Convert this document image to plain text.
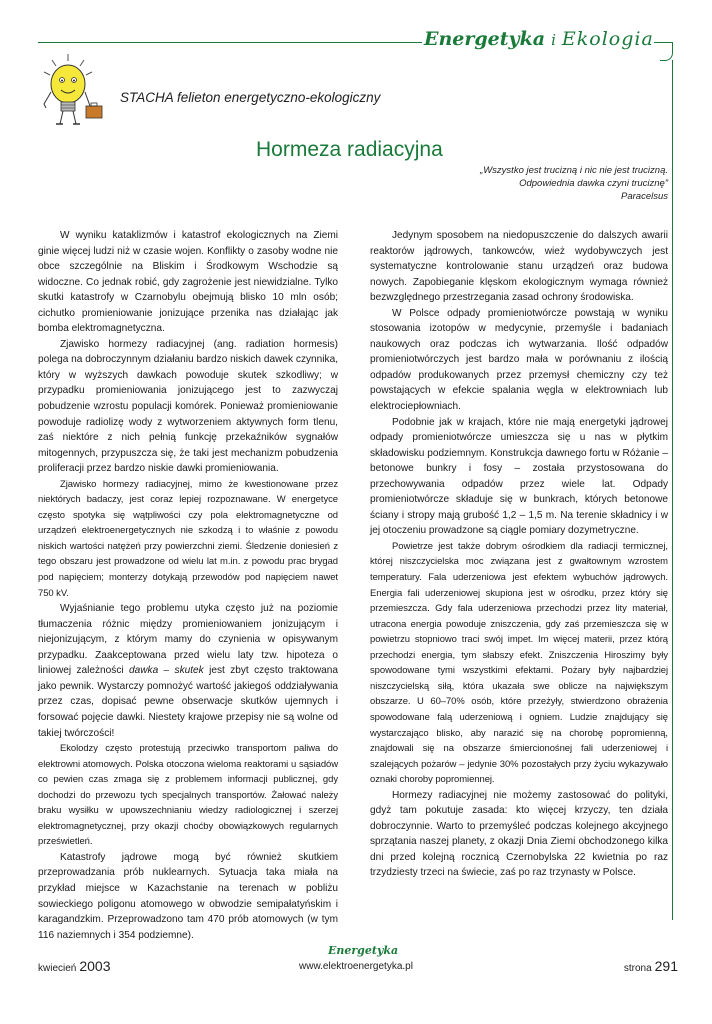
Energetyka i Ekologia
STACHA felieton energetyczno-ekologiczny
Hormeza radiacyjna
„Wszystko jest trucizną i nic nie jest trucizną.
Odpowiednia dawka czyni truciznę”
Paracelsus

W wyniku kataklizmów i katastrof ekologicznych na Ziemi ginie więcej ludzi niż w czasie wojen. Konflikty o zasoby wodne nie obce szczególnie na Bliskim i Środkowym Wschodzie są widoczne. Co jednak robić, gdy zagrożenie jest niewidzialne. Tylko skutki katastrofy w Czarnobylu obejmują blisko 10 mln osób; cichutko promieniowanie jonizujące przenika nas działając jak bomba elektromagnetyczna.

Zjawisko hormezy radiacyjnej (ang. radiation hormesis) polega na dobroczynnym działaniu bardzo niskich dawek czynnika, który w wyższych dawkach powoduje skutek szkodliwy; w przypadku promieniowania jonizującego jest to zazwyczaj pobudzenie wzrostu populacji komórek. Ponieważ promieniowanie powoduje radiolizę wody z wytworzeniem aktywnych form tlenu, zaś niektóre z nich pełnią funkcję przekaźników sygnałów mitogennych, przypuszcza się, że taki jest mechanizm pobudzenia proliferacji przez bardzo niskie dawki promieniowania.

Zjawisko hormezy radiacyjnej, mimo że kwestionowane przez niektórych badaczy, jest coraz lepiej rozpoznawane. W energetyce często spotyka się wątpliwości czy pola elektromagnetyczne od urządzeń elektroenergetycznych nie szkodzą i to właśnie z powodu niskich wartości natężeń przy powierzchni ziemi. Śledzenie doniesień z tego obszaru jest prowadzone od wielu lat m.in. z powodu prac brygad pod napięciem; monterzy dotykają przewodów pod napięciem nawet 750 kV.

Wyjaśnianie tego problemu utyka często już na poziomie tłumaczenia różnic między promieniowaniem jonizującym i niejonizującym, z którym mamy do czynienia w opisywanym przypadku. Zaakceptowana przed wielu laty tzw. hipoteza o liniowej zależności dawka – skutek jest zbyt często traktowana jako pewnik. Wystarczy pomnożyć wartość jakiegoś oddziaływania przez czas, dopisać pewne obserwacje skutków ujemnych i forsować pojęcie dawki. Niestety krajowe przepisy nie są wolne od takiej twórczości!

Ekolodzy często protestują przeciwko transportom paliwa do elektrowni atomowych. Polska otoczona wieloma reaktorami u sąsiadów co pewien czas zmaga się z problemem informacji publicznej, gdy dochodzi do przewozu tych specjalnych transportów. Żałować należy braku wysiłku w upowszechnianiu wiedzy radiologicznej i szerzej elektromagnetycznej, przy okazji choćby obowiązkowych regularnych prześwietleń.

Katastrofy jądrowe mogą być również skutkiem przeprowadzania prób nuklearnych. Sytuacja taka miała na przykład miejsce w Kazachstanie na terenach w pobliżu sowieckiego poligonu atomowego w obwodzie semipałatyńskim i karagandzkim. Przeprowadzono tam 470 prób atomowych (w tym 116 naziemnych i 354 podziemne).

Jedynym sposobem na niedopuszczenie do dalszych awarii reaktorów jądrowych, tankowców, wież wydobywczych jest systematyczne kontrolowanie stanu urządzeń oraz budowa nowych. Zapobieganie klęskom ekologicznym wymaga również bezwzględnego przestrzegania zasad ochrony środowiska.

W Polsce odpady promieniotwórcze powstają w wyniku stosowania izotopów w medycynie, przemyśle i badaniach naukowych oraz podczas ich wytwarzania. Ilość odpadów promieniotwórczych jest bardzo mała w porównaniu z ilością odpadów produkowanych przez przemysł chemiczny czy też powstających w efekcie spalania węgla w elektrowniach lub elektrociepłowniach.

Podobnie jak w krajach, które nie mają energetyki jądrowej odpady promieniotwórcze umieszcza się u nas w płytkim składowisku podziemnym. Konstrukcja dawnego fortu w Różanie – betonowe bunkry i fosy – została przystosowana do przechowywania odpadów przez wiele lat. Odpady promieniotwórcze składuje się w bunkrach, których betonowe ściany i stropy mają grubość 1,2 – 1,5 m. Na terenie składnicy i w jej otoczeniu prowadzone są ciągle pomiary dozymetryczne.

Powietrze jest także dobrym ośrodkiem dla radiacji termicznej, której niszczycielska moc związana jest z gwałtownym wzrostem temperatury. Fala uderzeniowa jest efektem wybuchów jądrowych. Energia fali uderzeniowej skupiona jest w ośrodku, przez który się przemieszcza. Gdy fala uderzeniowa przechodzi przez lity materiał, utracona energia powoduje zniszczenia, gdy zaś przemieszcza się w powietrzu stopniowo traci swój impet. Im więcej materii, przez którą przechodzi energia, tym słabszy efekt. Zniszczenia Hiroszimy były spowodowane tymi wszystkimi efektami. Pożary były najbardziej niszczycielską siłą, która ukazała swe oblicze na największym obszarze. U 60–70% osób, które przeżyły, stwierdzono obrażenia spowodowane falą uderzeniową i ogniem. Ludzie znajdujący się wystarczająco blisko, aby narazić się na chorobę popromienną, znajdowali się na obszarze śmiercionośnej fali uderzeniowej i szalejących pożarów – jedynie 30% pozostałych przy życiu wykazywało oznaki choroby popromiennej.

Hormezy radiacyjnej nie możemy zastosować do polityki, gdyż tam pokutuje zasada: kto więcej krzyczy, ten działa dobroczynnie. Warto to przemyśleć podczas kolejnego akcyjnego sprzątania naszej planety, z okazji Dnia Ziemi obchodzonego kilka dni przed kolejną rocznicą Czernobylska 22 kwietnia po raz trzydziesty trzeci na świecie, zaś po raz trzynasty w Polsce.

Energetyka
kwiecień 2003	www.elektroenergetyka.pl	strona 291
